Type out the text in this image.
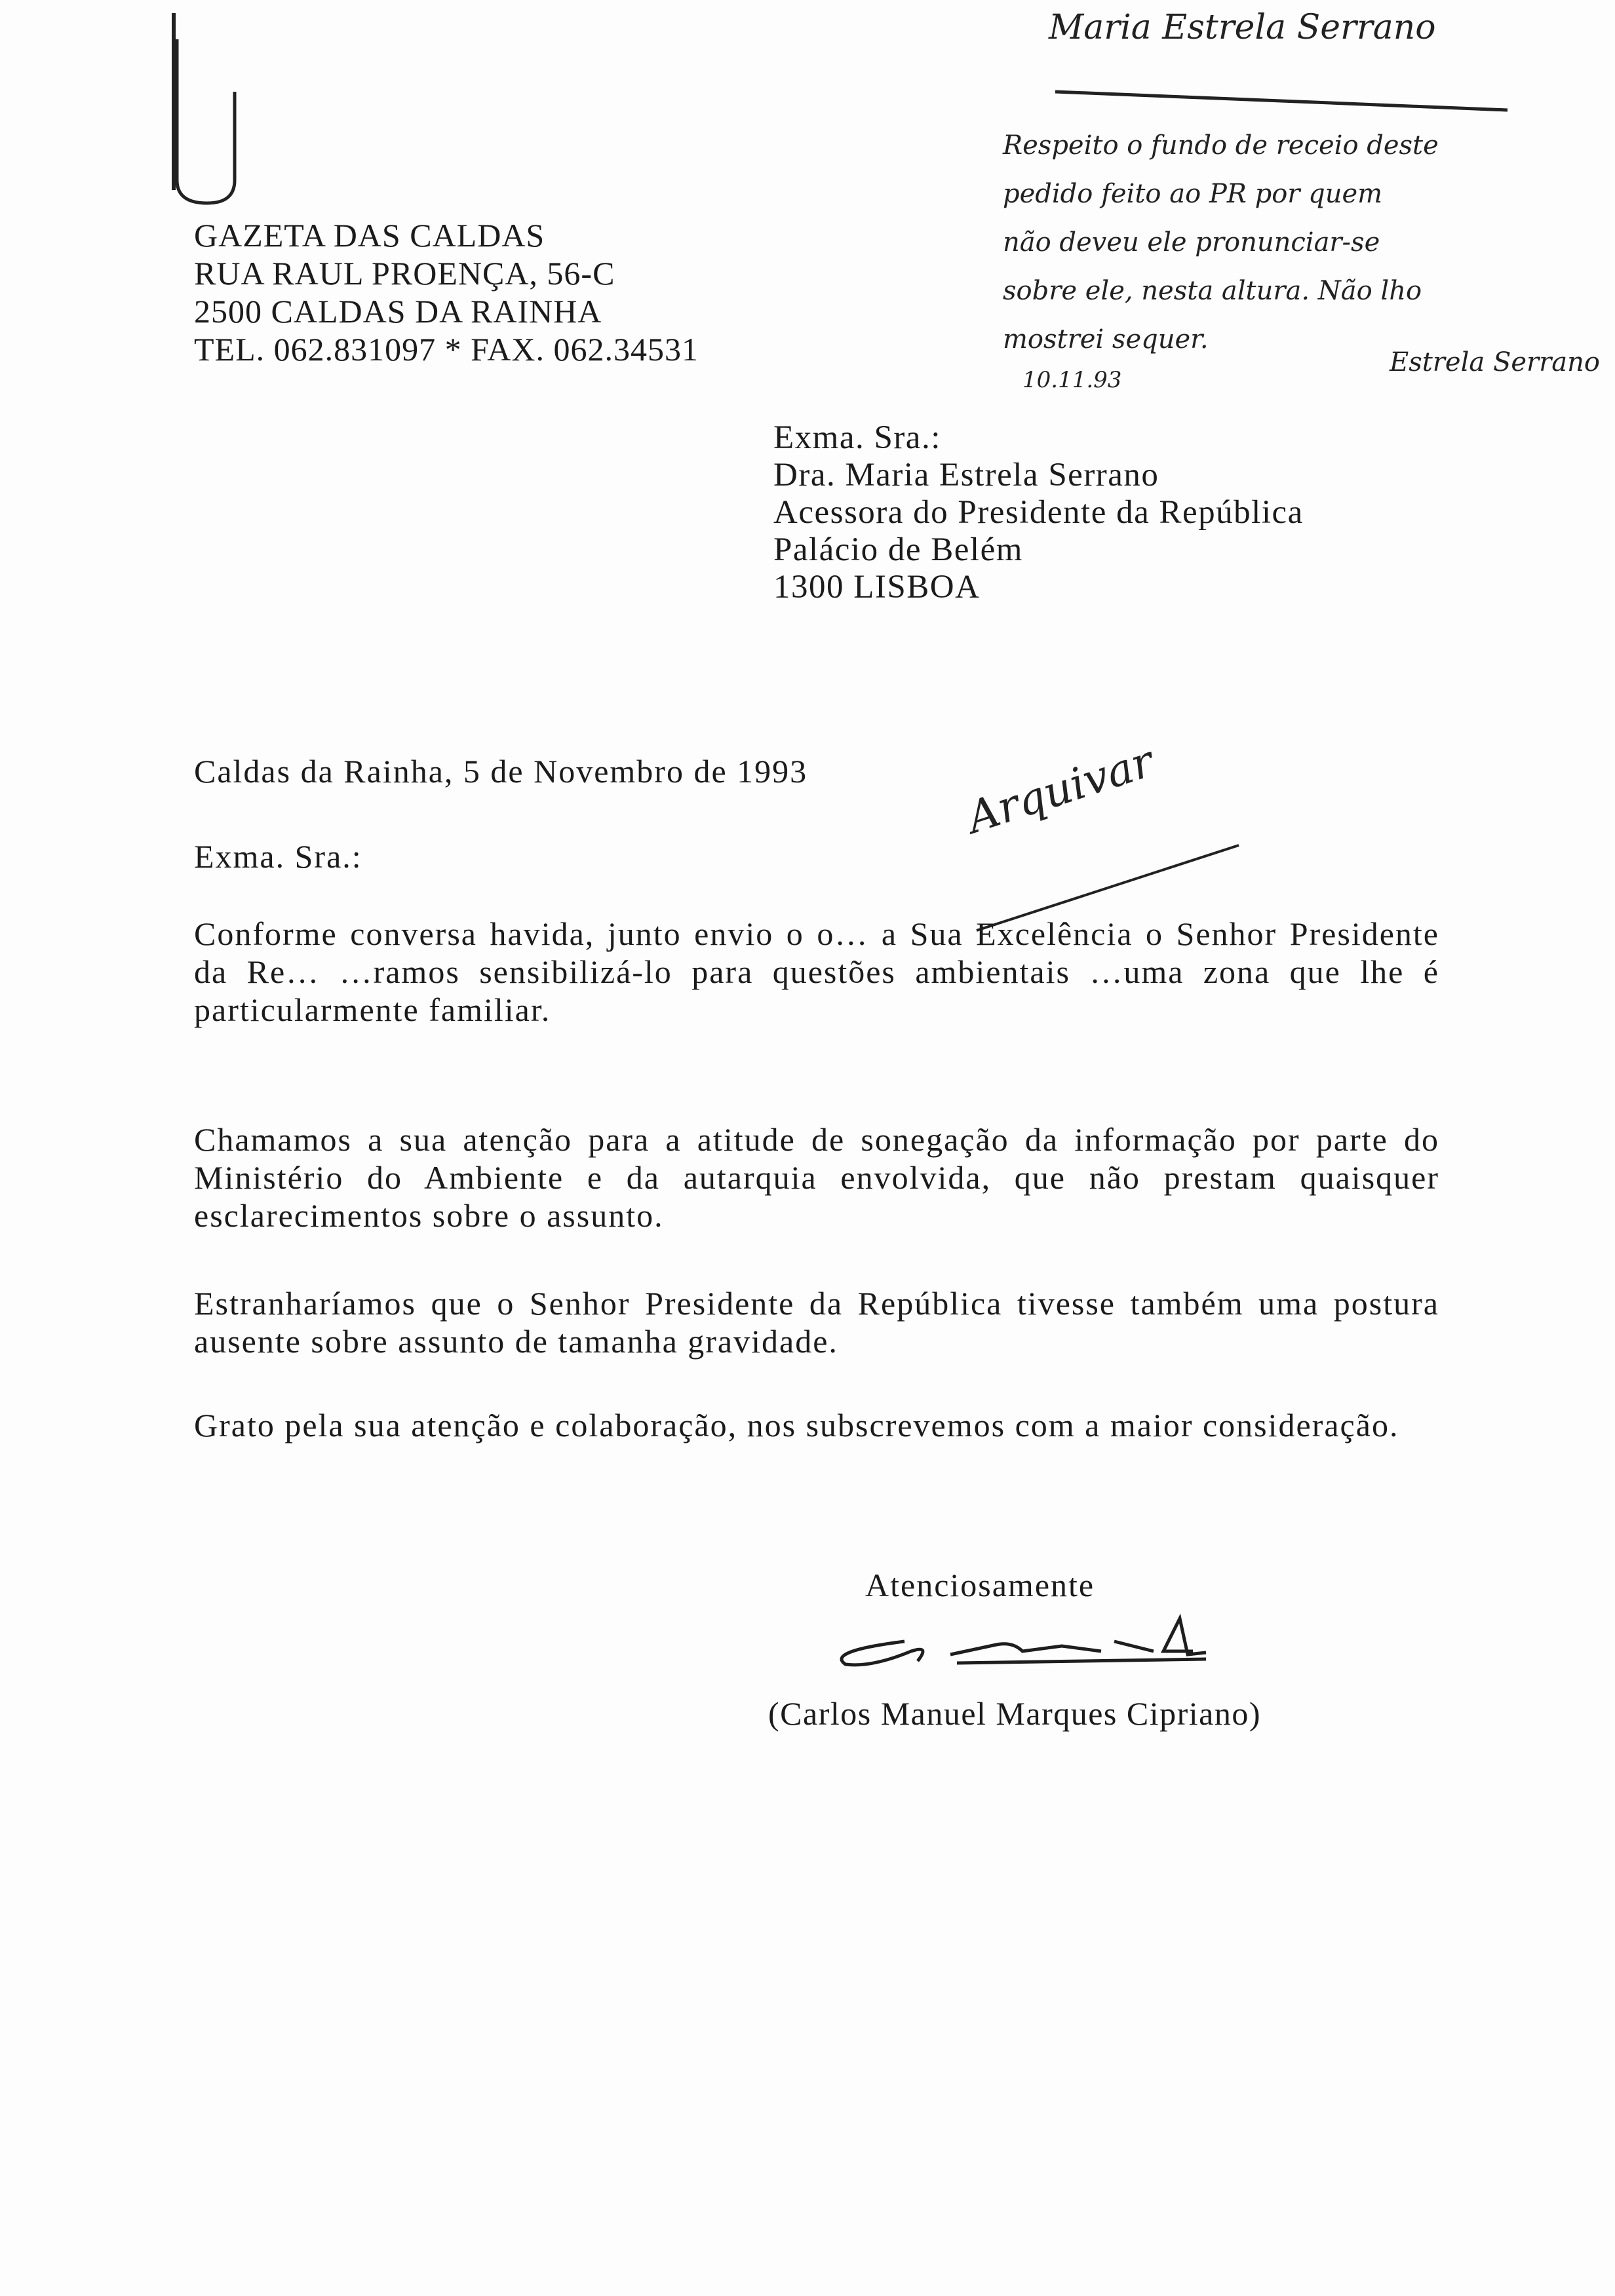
GAZETA DAS CALDAS
RUA RAUL PROENÇA, 56-C
2500 CALDAS DA RAINHA
TEL. 062.831097 * FAX. 062.34531
Maria Estrela Serrano
Respeito o fundo de receio deste
pedido feito ao PR por quem
não deveu ele pronunciar-se
sobre ele, nesta altura. Não lho
mostrei sequer.
10.11.93
Estrela Serrano
Exma. Sra.:
Dra. Maria Estrela Serrano
Acessora do Presidente da República
Palácio de Belém
1300 LISBOA
Caldas da Rainha, 5 de Novembro de 1993
Exma. Sra.:
Arquivar
Conforme conversa havida, junto envio o o… a Sua Excelência o Senhor Presidente da Re… …ramos sensibilizá-lo para questões ambientais …uma zona que lhe é particularmente familiar.
Chamamos a sua atenção para a atitude de sonegação da informação por parte do Ministério do Ambiente e da autarquia envolvida, que não prestam quaisquer esclarecimentos sobre o assunto.
Estranharíamos que o Senhor Presidente da República tivesse também uma postura ausente sobre assunto de tamanha gravidade.
Grato pela sua atenção e colaboração, nos subscrevemos com a maior consideração.
Atenciosamente
(Carlos Manuel Marques Cipriano)
